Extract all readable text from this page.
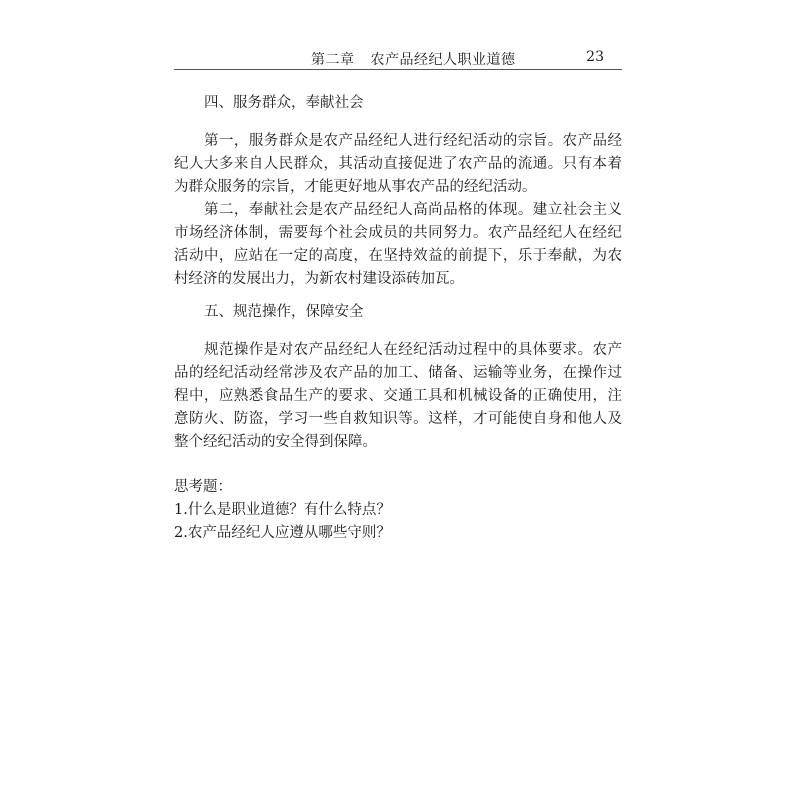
第二章 农产品经纪人职业道德	23

四、服务群众，奉献社会

第一，服务群众是农产品经纪人进行经纪活动的宗旨。农产品经纪人大多来自人民群众，其活动直接促进了农产品的流通。只有本着为群众服务的宗旨，才能更好地从事农产品的经纪活动。

第二，奉献社会是农产品经纪人高尚品格的体现。建立社会主义市场经济体制，需要每个社会成员的共同努力。农产品经纪人在经纪活动中，应站在一定的高度，在坚持效益的前提下，乐于奉献，为农村经济的发展出力，为新农村建设添砖加瓦。

五、规范操作，保障安全

规范操作是对农产品经纪人在经纪活动过程中的具体要求。农产品的经纪活动经常涉及农产品的加工、储备、运输等业务，在操作过程中，应熟悉食品生产的要求、交通工具和机械设备的正确使用，注意防火、防盗，学习一些自救知识等。这样，才可能使自身和他人及整个经纪活动的安全得到保障。

思考题：

1.什么是职业道德？有什么特点？

2.农产品经纪人应遵从哪些守则？
